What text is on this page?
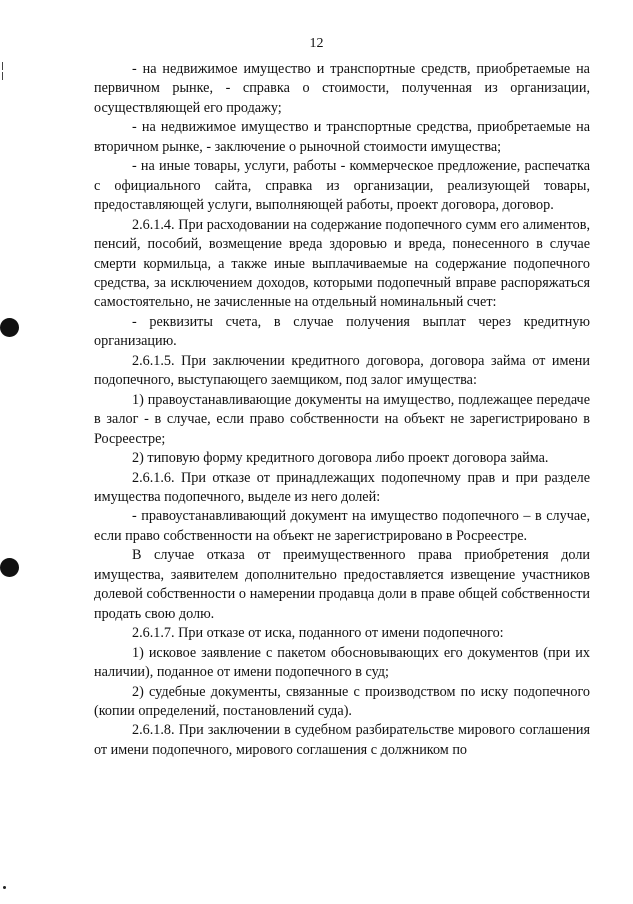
12

- на недвижимое имущество и транспортные средств, приобретаемые на первичном рынке, - справка о стоимости, полученная из организации, осуществляющей его продажу;

- на недвижимое имущество и транспортные средства, приобретаемые на вторичном рынке, - заключение о рыночной стоимости имущества;

- на иные товары, услуги, работы - коммерческое предложение, распечатка с официального сайта, справка из организации, реализующей товары, предоставляющей услуги, выполняющей работы, проект договора, договор.

2.6.1.4. При расходовании на содержание подопечного сумм его алиментов, пенсий, пособий, возмещение вреда здоровью и вреда, понесенного в случае смерти кормильца, а также иные выплачиваемые на содержание подопечного средства, за исключением доходов, которыми подопечный вправе распоряжаться самостоятельно, не зачисленные на отдельный номинальный счет:

- реквизиты счета, в случае получения выплат через кредитную организацию.

2.6.1.5. При заключении кредитного договора, договора займа от имени подопечного, выступающего заемщиком, под залог имущества:

1) правоустанавливающие документы на имущество, подлежащее передаче в залог - в случае, если право собственности на объект не зарегистрировано в Росреестре;

2) типовую форму кредитного договора либо проект договора займа.

2.6.1.6. При отказе от принадлежащих подопечному прав и при разделе имущества подопечного, выделе из него долей:

- правоустанавливающий документ на имущество подопечного – в случае, если право собственности на объект не зарегистрировано в Росреестре.

В случае отказа от преимущественного права приобретения доли имущества, заявителем дополнительно предоставляется извещение участников долевой собственности о намерении продавца доли в праве общей собственности продать свою долю.

2.6.1.7. При отказе от иска, поданного от имени подопечного:

1) исковое заявление с пакетом обосновывающих его документов (при их наличии), поданное от имени подопечного в суд;

2) судебные документы, связанные с производством по иску подопечного (копии определений, постановлений суда).

2.6.1.8. При заключении в судебном разбирательстве мирового соглашения от имени подопечного, мирового соглашения с должником по
